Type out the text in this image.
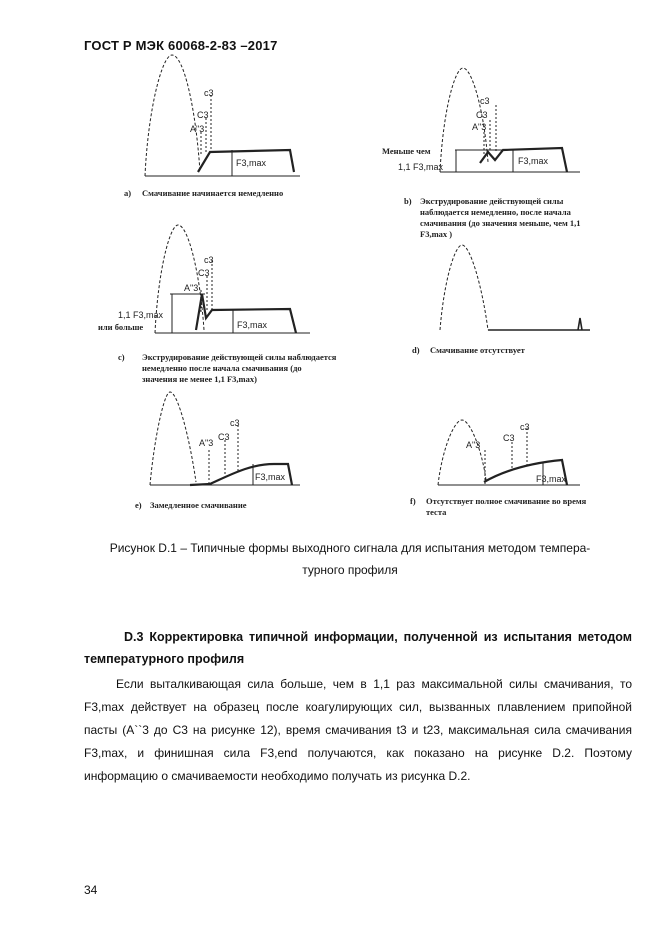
ГОСТ Р МЭК 60068-2-83 –2017
c3
C3
A"3
F3,max
a) Смачивание начинается немедленно
c3
C3
A"3
F3,max
Меньше чем
1,1 F3,max
b) Экструдирование действующей силы наблюдается немедленно, после начала смачивания (до значения меньше, чем 1,1 F3,max )
c3
C3
A"3
F3,max
1,1 F3,max
или больше
c) Экструдирование действующей силы наблюдается немедленно после начала смачивания (до значения не менее 1,1 F3,max)
d) Смачивание отсутствует
c3
C3
A"3
F3,max
e) Замедленное смачивание
c3
C3
A"3
F3,max
f) Отсутствует полное смачивание во время теста
Рисунок D.1 – Типичные формы выходного сигнала для испытания методом темпера-
турного профиля
D.3 Корректировка типичной информации, полученной из испытания методом температурного профиля
Если выталкивающая сила больше, чем в 1,1 раз максимальной силы смачивания, то F3,max действует на образец после коагулирующих сил, вызванных плавлением припойной пасты (A``3 до C3 на рисунке 12), время смачивания t3 и t23, максимальная сила смачивания F3,max, и финишная сила F3,end получаются, как показано на рисунке D.2. Поэтому информацию о смачиваемости необходимо получать из рисунка D.2.
34
